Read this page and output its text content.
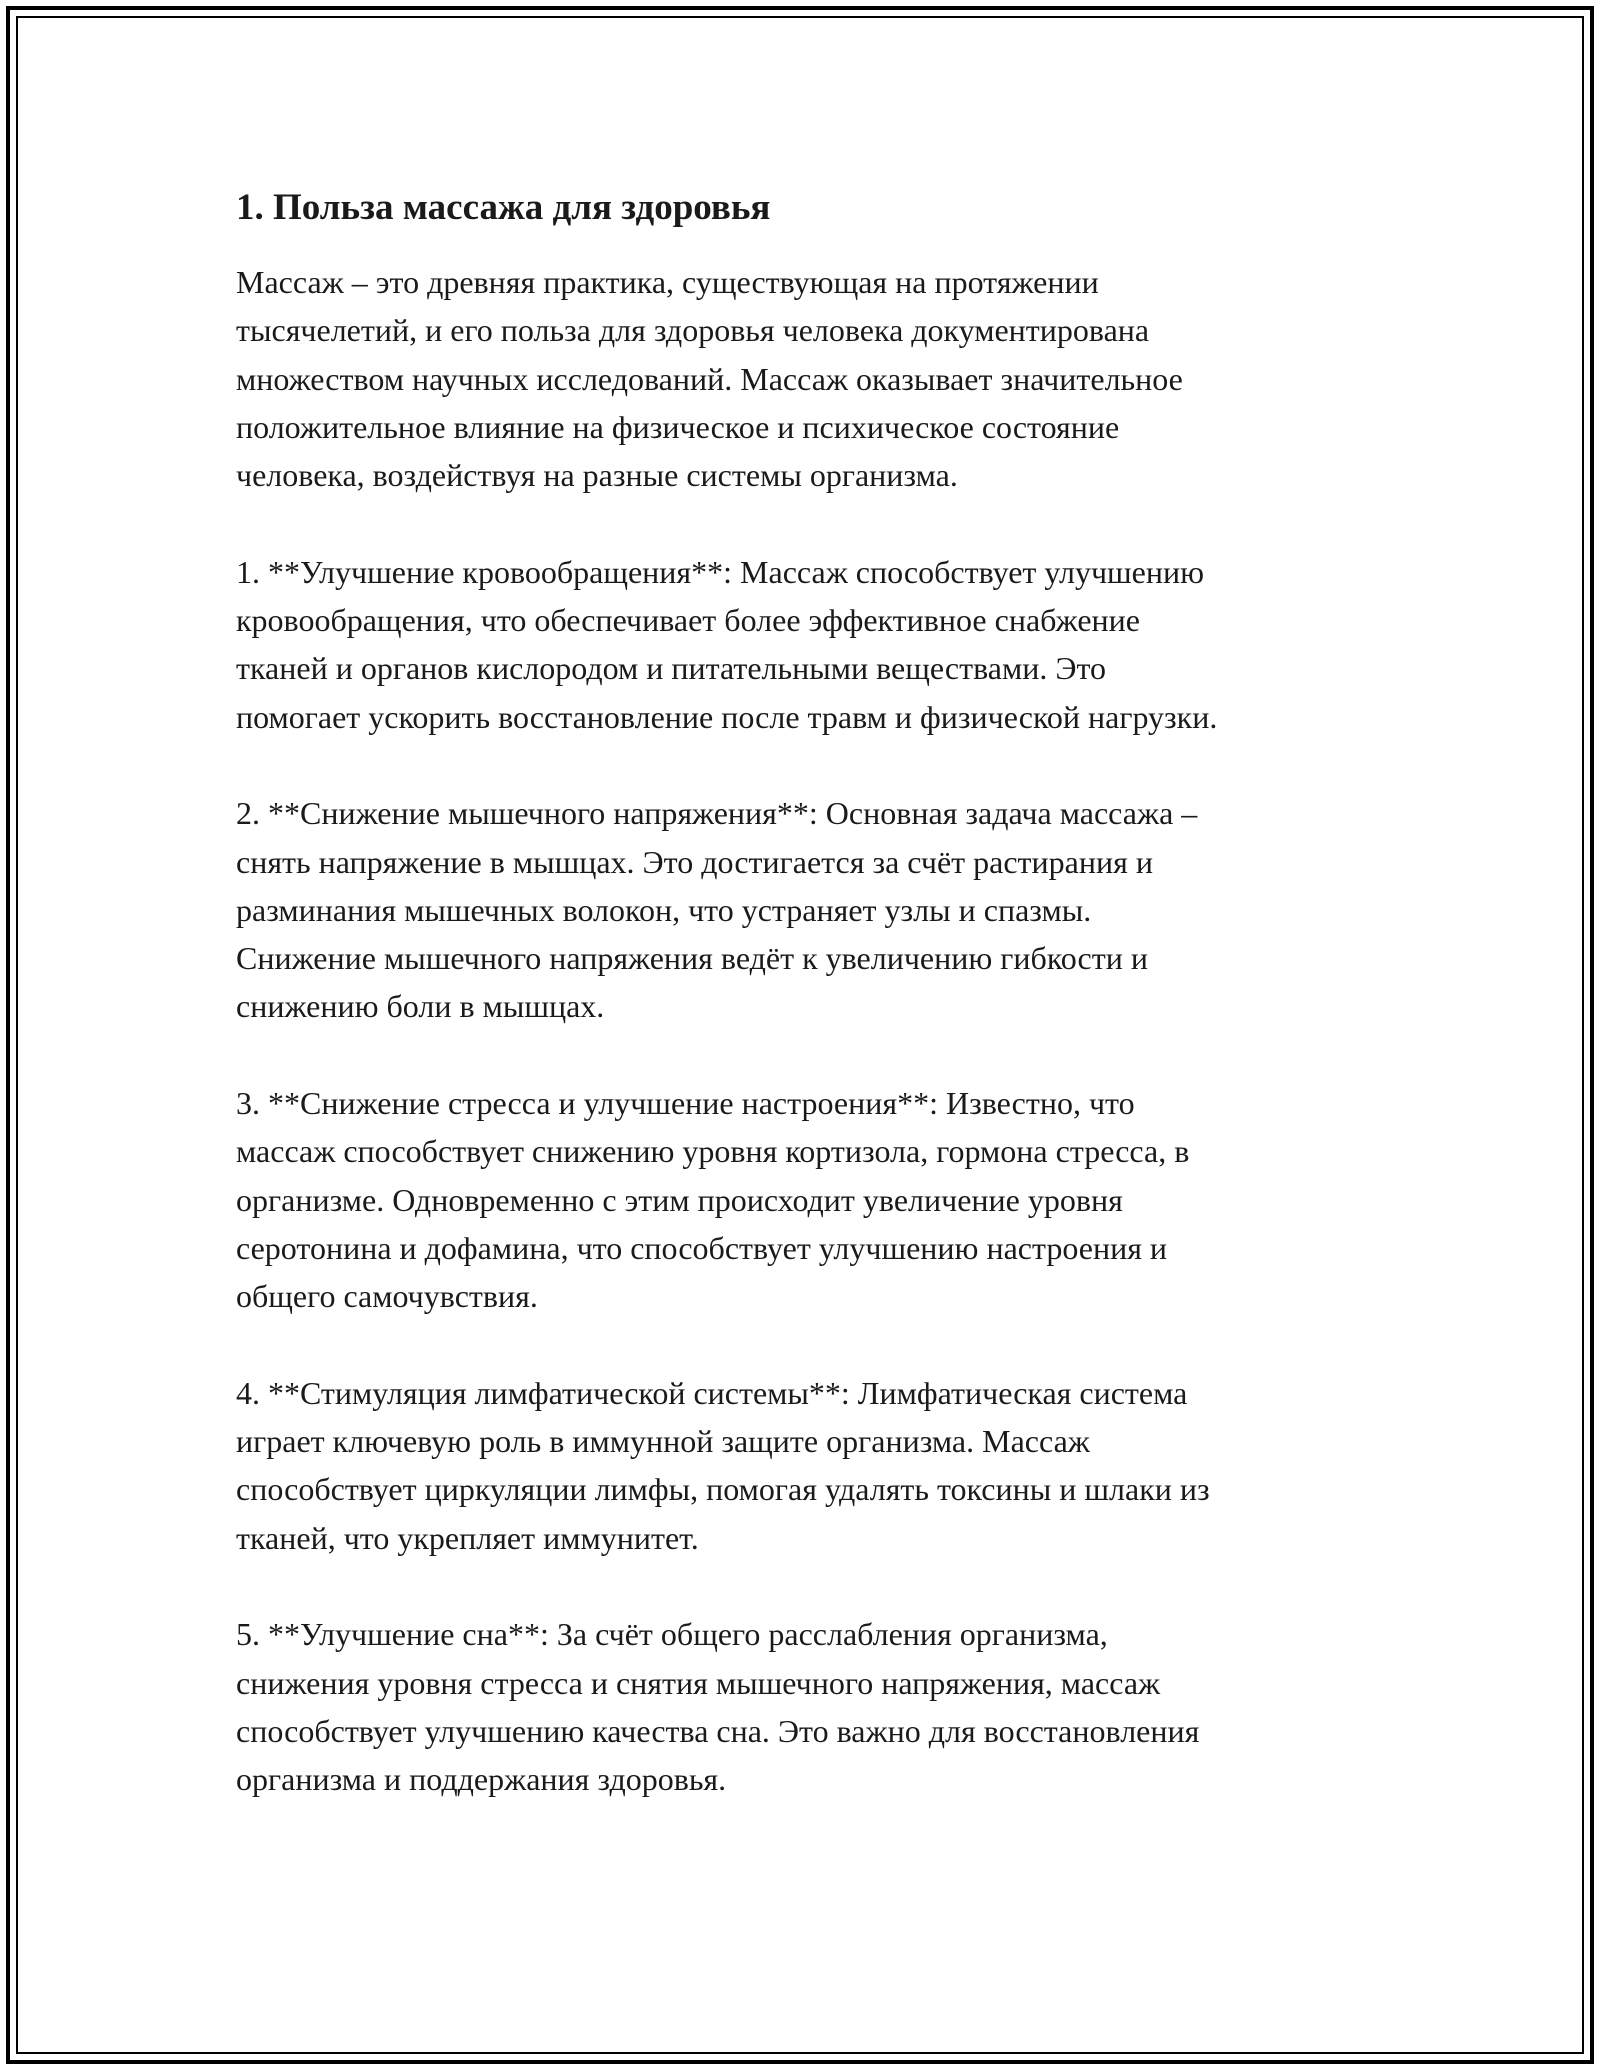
1. Польза массажа для здоровья

Массаж – это древняя практика, существующая на протяжении
тысячелетий, и его польза для здоровья человека документирована
множеством научных исследований. Массаж оказывает значительное
положительное влияние на физическое и психическое состояние
человека, воздействуя на разные системы организма.

1. **Улучшение кровообращения**: Массаж способствует улучшению
кровообращения, что обеспечивает более эффективное снабжение
тканей и органов кислородом и питательными веществами. Это
помогает ускорить восстановление после травм и физической нагрузки.

2. **Снижение мышечного напряжения**: Основная задача массажа –
снять напряжение в мышцах. Это достигается за счёт растирания и
разминания мышечных волокон, что устраняет узлы и спазмы.
Снижение мышечного напряжения ведёт к увеличению гибкости и
снижению боли в мышцах.

3. **Снижение стресса и улучшение настроения**: Известно, что
массаж способствует снижению уровня кортизола, гормона стресса, в
организме. Одновременно с этим происходит увеличение уровня
серотонина и дофамина, что способствует улучшению настроения и
общего самочувствия.

4. **Стимуляция лимфатической системы**: Лимфатическая система
играет ключевую роль в иммунной защите организма. Массаж
способствует циркуляции лимфы, помогая удалять токсины и шлаки из
тканей, что укрепляет иммунитет.

5. **Улучшение сна**: За счёт общего расслабления организма,
снижения уровня стресса и снятия мышечного напряжения, массаж
способствует улучшению качества сна. Это важно для восстановления
организма и поддержания здоровья.
